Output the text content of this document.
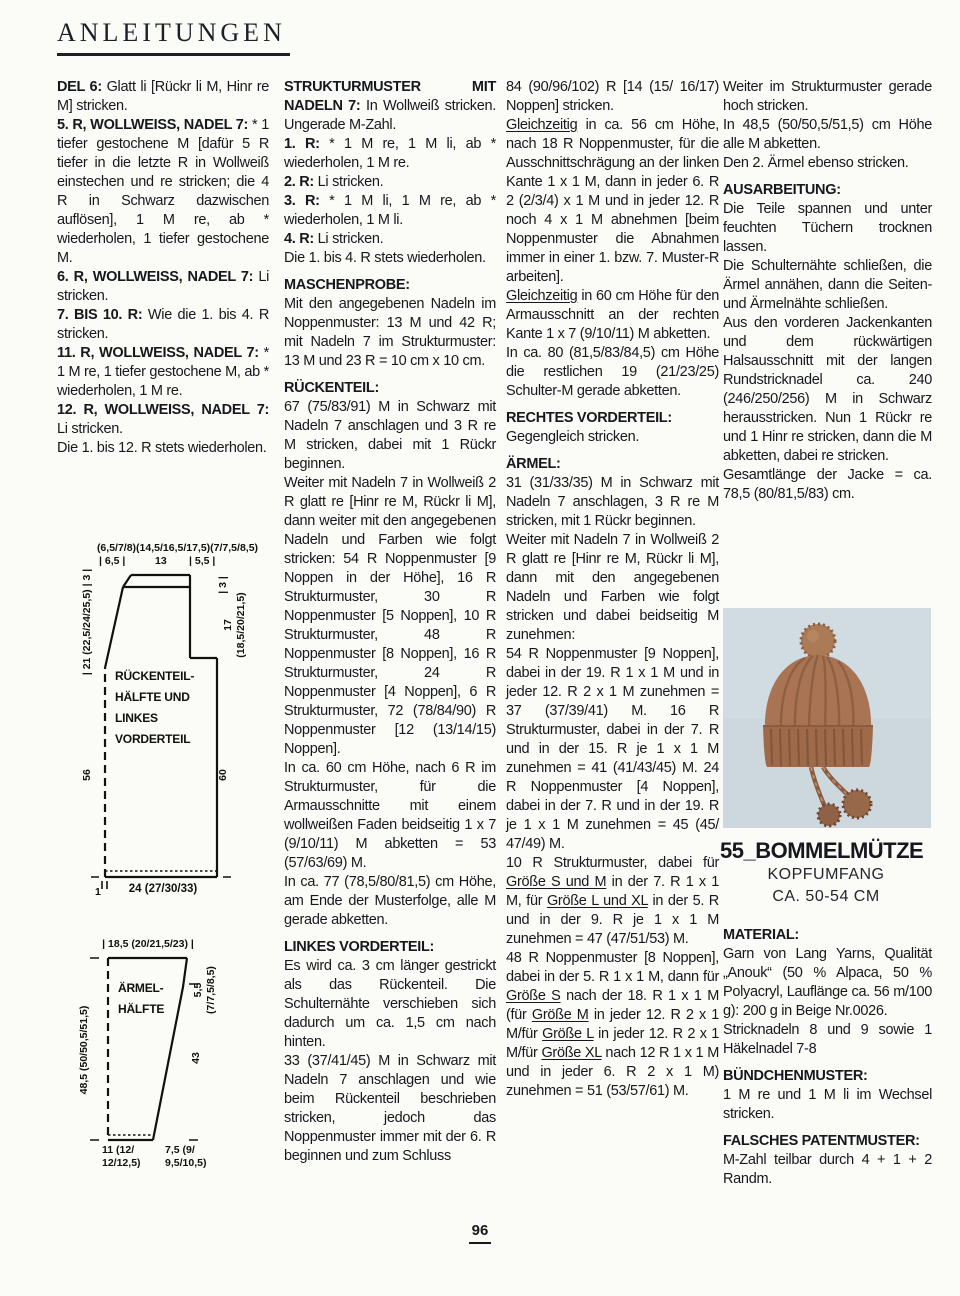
ANLEITUNGEN

DEL 6: Glatt li [Rückr li M, Hinr re M] stricken.

5. R, WOLLWEISS, NADEL 7: * 1 tiefer gestochene M [dafür 5 R tiefer in die letzte R in Wollweiß einstechen und re stricken; die 4 R in Schwarz dazwischen auflösen], 1 M re, ab * wiederholen, 1 tiefer gestochene M.

6. R, WOLLWEISS, NADEL 7: Li stricken.

7. BIS 10. R: Wie die 1. bis 4. R stricken.

11. R, WOLLWEISS, NADEL 7: * 1 M re, 1 tiefer gestochene M, ab * wiederholen, 1 M re.

12. R, WOLLWEISS, NADEL 7: Li stricken.

Die 1. bis 12. R stets wiederholen.

STRUKTURMUSTER MIT NADELN 7: In Wollweiß stricken. Ungerade M-Zahl.

1. R: * 1 M re, 1 M li, ab * wiederholen, 1 M re.

2. R: Li stricken.

3. R: * 1 M li, 1 M re, ab * wiederholen, 1 M li.

4. R: Li stricken.

Die 1. bis 4. R stets wiederholen.

MASCHENPROBE:

Mit den angegebenen Nadeln im Noppenmuster: 13 M und 42 R; mit Nadeln 7 im Strukturmuster: 13 M und 23 R = 10 cm x 10 cm.

RÜCKENTEIL:

67 (75/83/91) M in Schwarz mit Nadeln 7 anschlagen und 3 R re M stricken, dabei mit 1 Rückr beginnen.

Weiter mit Nadeln 7 in Wollweiß 2 R glatt re [Hinr re M, Rückr li M], dann weiter mit den angegebenen Nadeln und Farben wie folgt stricken: 54 R Noppenmuster [9 Noppen in der Höhe], 16 R Strukturmuster, 30 R Noppenmuster [5 Noppen], 10 R Strukturmuster, 48 R Noppenmuster [8 Noppen], 16 R Strukturmuster, 24 R Noppenmuster [4 Noppen], 6 R Strukturmuster, 72 (78/84/90) R Noppenmuster [12 (13/14/15) Noppen].

In ca. 60 cm Höhe, nach 6 R im Strukturmuster, für die Armausschnitte mit einem wollweißen Faden beidseitig 1 x 7 (9/10/11) M abketten = 53 (57/63/69) M.

In ca. 77 (78,5/80/81,5) cm Höhe, am Ende der Musterfolge, alle M gerade abketten.

LINKES VORDERTEIL:

Es wird ca. 3 cm länger gestrickt als das Rückenteil. Die Schulternähte verschieben sich dadurch um ca. 1,5 cm nach hinten.

33 (37/41/45) M in Schwarz mit Nadeln 7 anschlagen und wie beim Rückenteil beschrieben stricken, jedoch das Noppenmuster immer mit der 6. R beginnen und zum Schluss

84 (90/96/102) R [14 (15/ 16/17) Noppen] stricken.

Gleichzeitig in ca. 56 cm Höhe, nach 18 R Noppenmuster, für die Ausschnittschrägung an der linken Kante 1 x 1 M, dann in jeder 6. R 2 (2/3/4) x 1 M und in jeder 12. R noch 4 x 1 M abnehmen [beim Noppenmuster die Abnahmen immer in einer 1. bzw. 7. Muster-R arbeiten].

Gleichzeitig in 60 cm Höhe für den Armausschnitt an der rechten Kante 1 x 7 (9/10/11) M abketten.

In ca. 80 (81,5/83/84,5) cm Höhe die restlichen 19 (21/23/25) Schulter-M gerade abketten.

RECHTES VORDERTEIL:

Gegengleich stricken.

ÄRMEL:

31 (31/33/35) M in Schwarz mit Nadeln 7 anschlagen, 3 R re M stricken, mit 1 Rückr beginnen.

Weiter mit Nadeln 7 in Wollweiß 2 R glatt re [Hinr re M, Rückr li M], dann mit den angegebenen Nadeln und Farben wie folgt stricken und dabei beidseitig M zunehmen:

54 R Noppenmuster [9 Noppen], dabei in der 19. R 1 x 1 M und in jeder 12. R 2 x 1 M zunehmen = 37 (37/39/41) M. 16 R Strukturmuster, dabei in der 7. R und in der 15. R je 1 x 1 M zunehmen = 41 (41/43/45) M. 24 R Noppenmuster [4 Noppen], dabei in der 7. R und in der 19. R je 1 x 1 M zunehmen = 45 (45/ 47/49) M.

10 R Strukturmuster, dabei für Größe S und M in der 7. R 1 x 1 M, für Größe L und XL in der 5. R und in der 9. R je 1 x 1 M zunehmen = 47 (47/51/53) M.

48 R Noppenmuster [8 Noppen], dabei in der 5. R 1 x 1 M, dann für Größe S nach der 18. R 1 x 1 M (für Größe M in jeder 12. R 2 x 1 M/für Größe L in jeder 12. R 2 x 1 M/für Größe XL nach 12 R 1 x 1 M und in jeder 6. R 2 x 1 M) zunehmen = 51 (53/57/61) M.

Weiter im Strukturmuster gerade hoch stricken.

In 48,5 (50/50,5/51,5) cm Höhe alle M abketten.

Den 2. Ärmel ebenso stricken.

AUSARBEITUNG:

Die Teile spannen und unter feuchten Tüchern trocknen lassen.

Die Schulternähte schließen, die Ärmel annähen, dann die Seiten- und Ärmelnähte schließen.

Aus den vorderen Jackenkanten und dem rückwärtigen Halsausschnitt mit der langen Rundstricknadel ca. 240 (246/250/256) M in Schwarz herausstricken. Nun 1 Rückr re und 1 Hinr re stricken, dann die M abketten, dabei re stricken.

Gesamtlänge der Jacke = ca. 78,5 (80/81,5/83) cm.

(6,5/7/8)(14,5/16,5/17,5)(7/7,5/8,5)
| 6,5 |	13 | 5,5 |
RÜCKENTEIL-
HÄLFTE UND
LINKES
VORDERTEIL
| 21 (22,5/24/25,5) | 3 |
56
| 3 |
17 (18,5/20/21,5)
60
1	24 (27/30/33)
| 18,5 (20/21,5/23) |
ÄRMEL-
HÄLFTE
48,5 (50/50,5/51,5)
5,5 (7/7,5/8,5)
43
11 (12/
12/12,5)
7,5 (9/
9,5/10,5)
55_BOMMELMÜTZE
KOPFUMFANG
CA. 50-54 CM

MATERIAL:

Garn von Lang Yarns, Qualität „Anouk“ (50 % Alpaca, 50 % Polyacryl, Lauflänge ca. 56 m/100 g): 200 g in Beige Nr.0026.

Stricknadeln 8 und 9 sowie 1 Häkelnadel 7-8

BÜNDCHENMUSTER:

1 M re und 1 M li im Wechsel stricken.

FALSCHES PATENTMUSTER:

M-Zahl teilbar durch 4 + 1 + 2 Randm.

96
